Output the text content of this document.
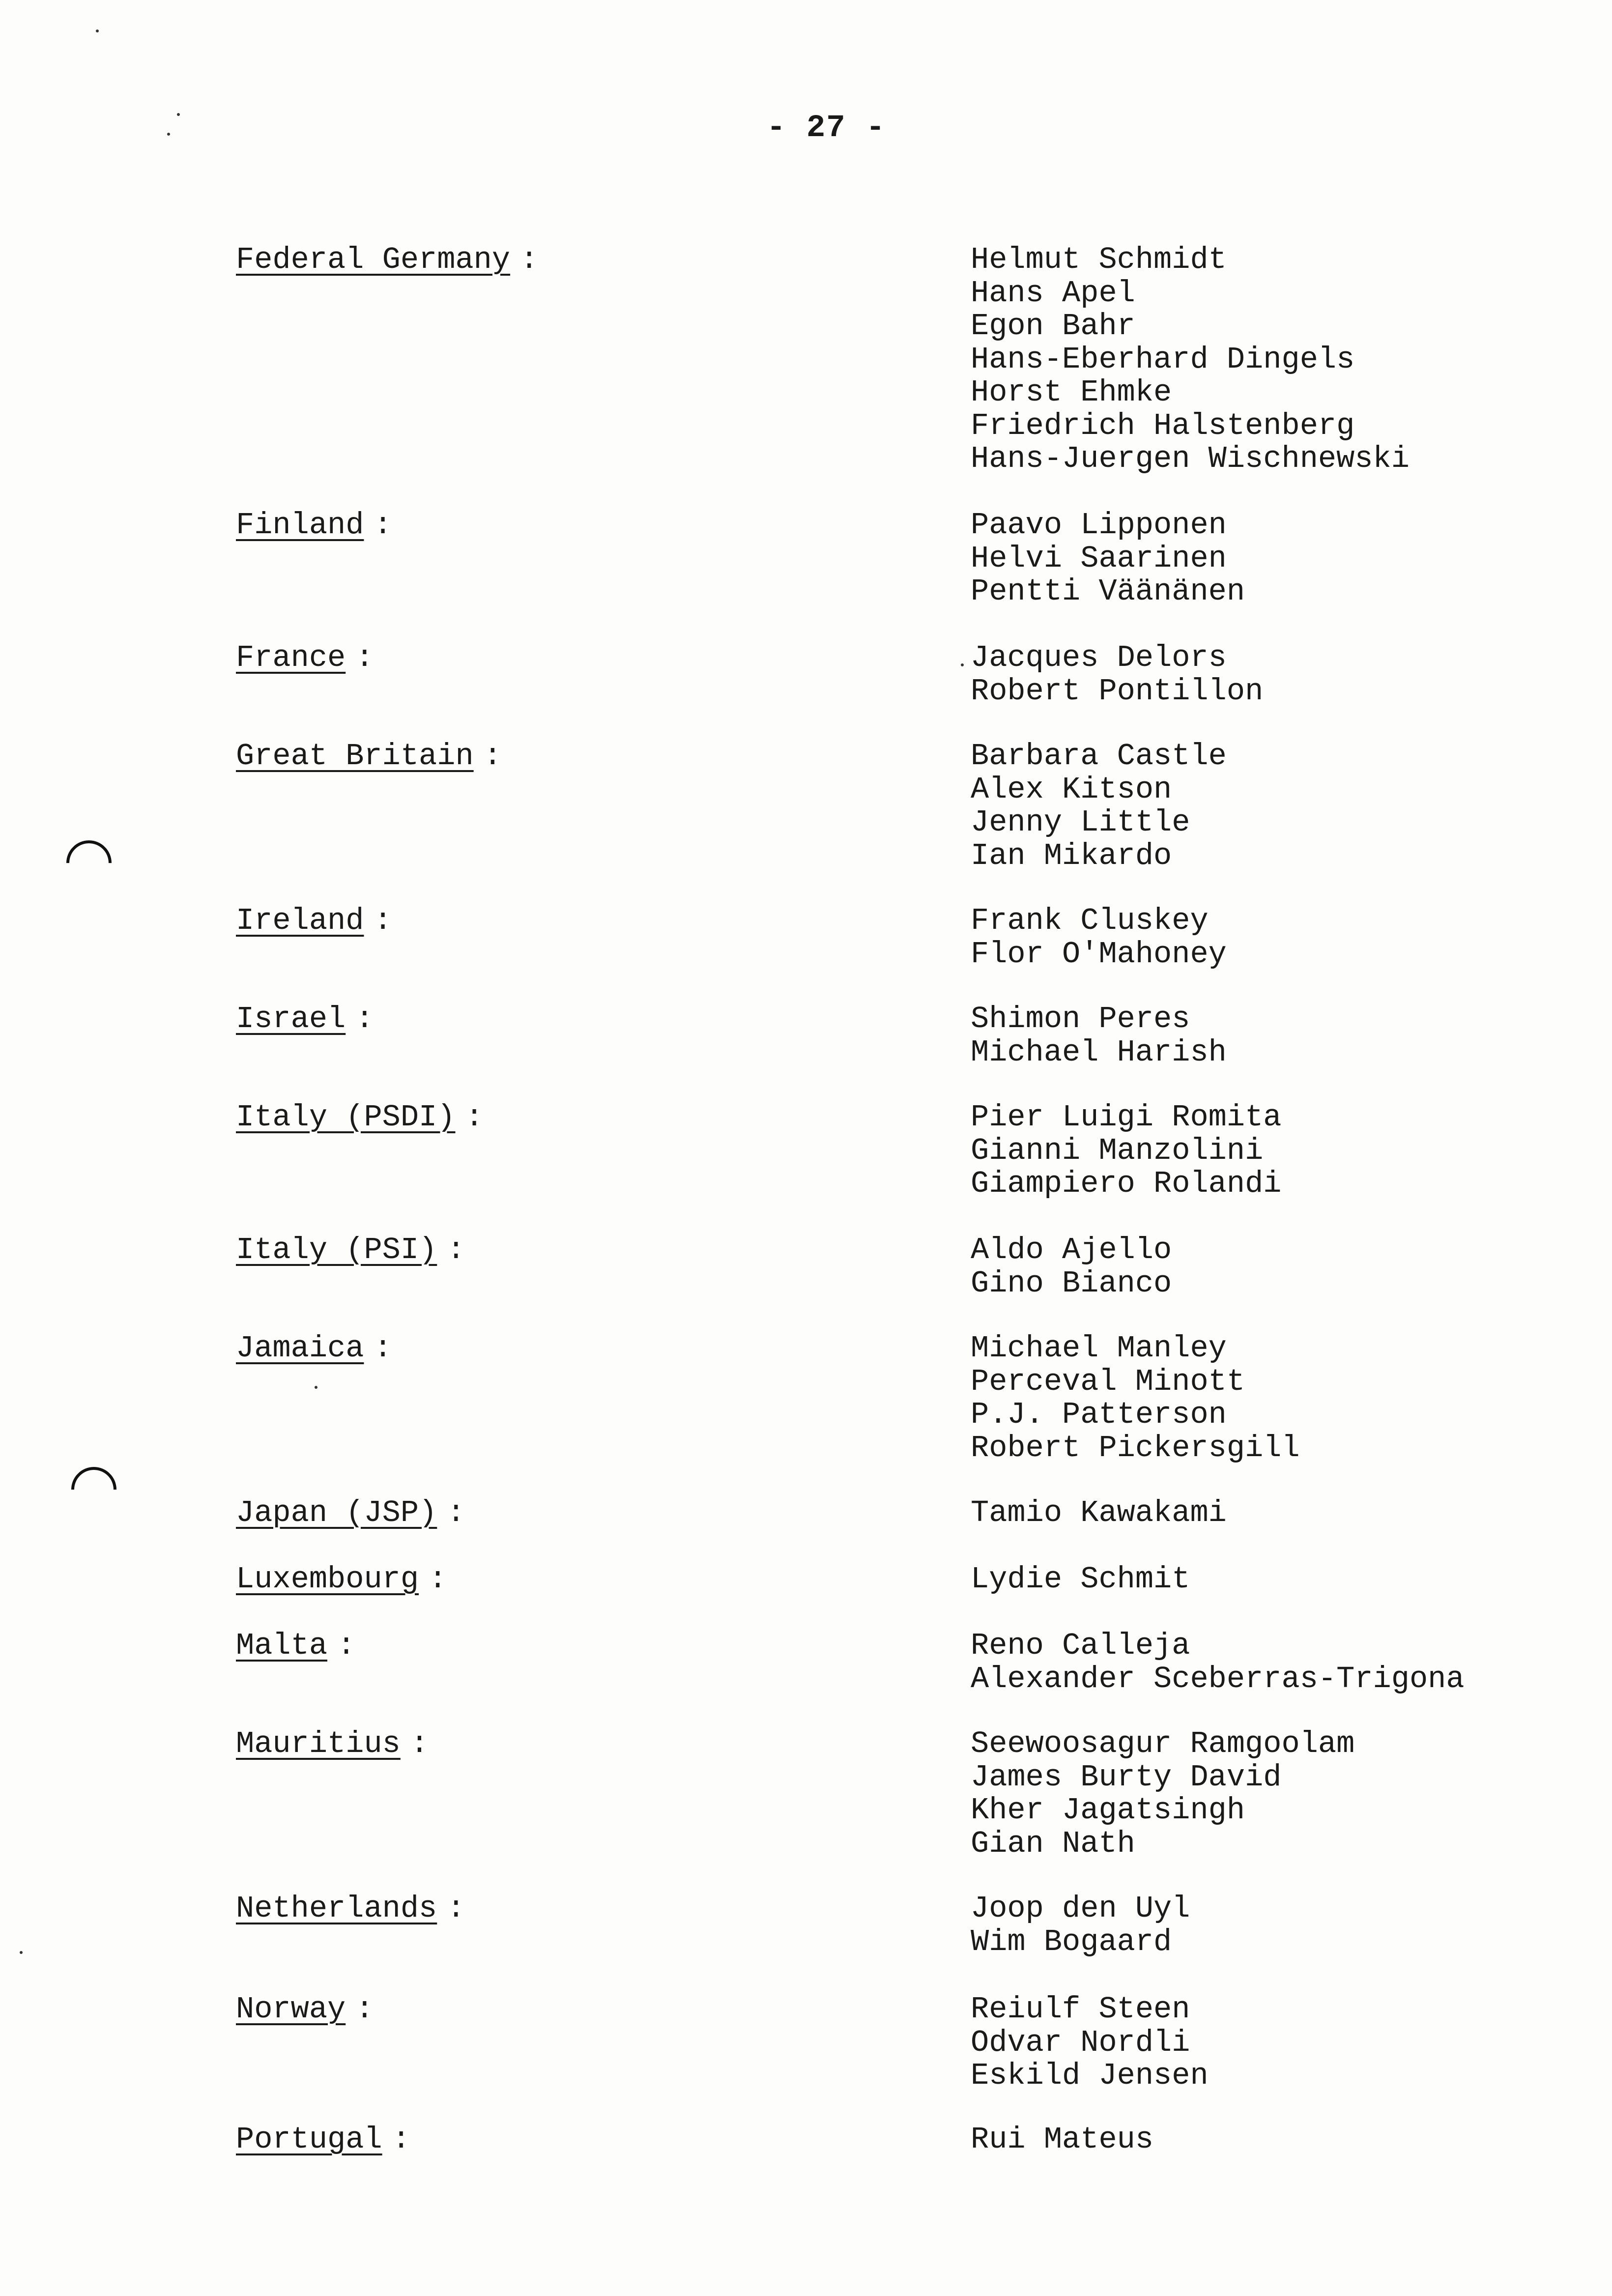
- 27 -
Federal Germany :	Helmut Schmidt
Hans Apel
Egon Bahr
Hans-Eberhard Dingels
Horst Ehmke
Friedrich Halstenberg
Hans-Juergen Wischnewski
Finland :	Paavo Lipponen
Helvi Saarinen
Pentti Väänänen
France :	Jacques Delors
Robert Pontillon
Great Britain :	Barbara Castle
Alex Kitson
Jenny Little
Ian Mikardo
Ireland :	Frank Cluskey
Flor O'Mahoney
Israel :	Shimon Peres
Michael Harish
Italy (PSDI) :	Pier Luigi Romita
Gianni Manzolini
Giampiero Rolandi
Italy (PSI) :	Aldo Ajello
Gino Bianco
Jamaica :	Michael Manley
Perceval Minott
P.J. Patterson
Robert Pickersgill
Japan (JSP) :	Tamio Kawakami
Luxembourg :	Lydie Schmit
Malta :	Reno Calleja
Alexander Sceberras-Trigona
Mauritius :	Seewoosagur Ramgoolam
James Burty David
Kher Jagatsingh
Gian Nath
Netherlands :	Joop den Uyl
Wim Bogaard
Norway :	Reiulf Steen
Odvar Nordli
Eskild Jensen
Portugal :	Rui Mateus
